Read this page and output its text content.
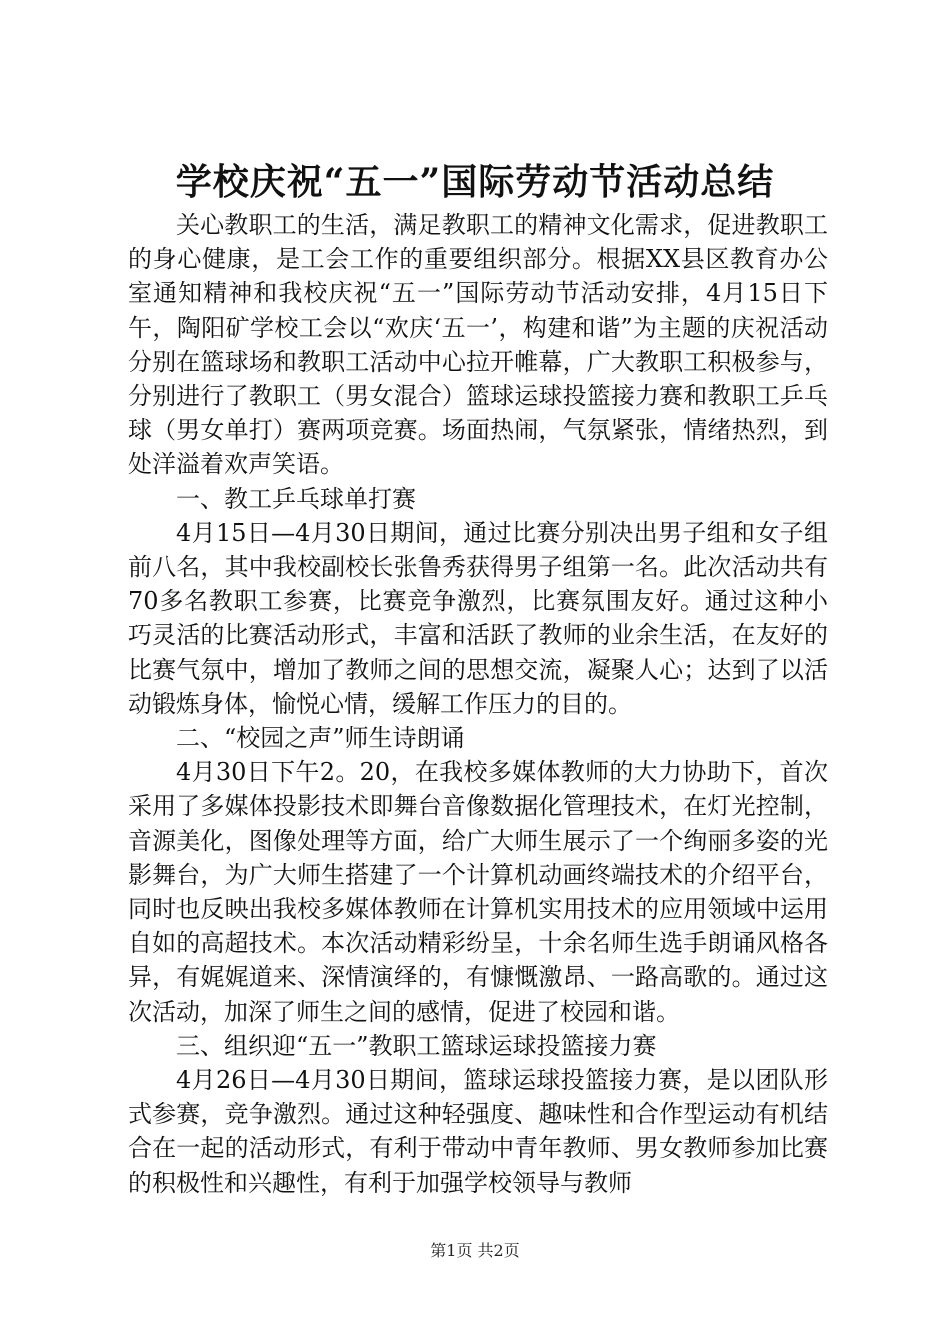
学校庆祝“五一”国际劳动节活动总结

关心教职工的生活，满足教职工的精神文化需求，促进教职工的身心健康，是工会工作的重要组织部分。根据XX县区教育办公室通知精神和我校庆祝“五一”国际劳动节活动安排，4月15日下午，陶阳矿学校工会以“欢庆‘五一’，构建和谐”为主题的庆祝活动分别在篮球场和教职工活动中心拉开帷幕，广大教职工积极参与，分别进行了教职工（男女混合）篮球运球投篮接力赛和教职工乒乓球（男女单打）赛两项竞赛。场面热闹，气氛紧张，情绪热烈，到处洋溢着欢声笑语。

一、教工乒乓球单打赛

4月15日—4月30日期间，通过比赛分别决出男子组和女子组前八名，其中我校副校长张鲁秀获得男子组第一名。此次活动共有70多名教职工参赛，比赛竞争激烈，比赛氛围友好。通过这种小巧灵活的比赛活动形式，丰富和活跃了教师的业余生活，在友好的比赛气氛中，增加了教师之间的思想交流，凝聚人心；达到了以活动锻炼身体，愉悦心情，缓解工作压力的目的。

二、“校园之声”师生诗朗诵

4月30日下午2。20，在我校多媒体教师的大力协助下，首次采用了多媒体投影技术即舞台音像数据化管理技术，在灯光控制，音源美化，图像处理等方面，给广大师生展示了一个绚丽多姿的光影舞台，为广大师生搭建了一个计算机动画终端技术的介绍平台，同时也反映出我校多媒体教师在计算机实用技术的应用领域中运用自如的高超技术。本次活动精彩纷呈，十余名师生选手朗诵风格各异，有娓娓道来、深情演绎的，有慷慨激昂、一路高歌的。通过这次活动，加深了师生之间的感情，促进了校园和谐。

三、组织迎“五一”教职工篮球运球投篮接力赛

4月26日—4月30日期间，篮球运球投篮接力赛，是以团队形式参赛，竞争激烈。通过这种轻强度、趣味性和合作型运动有机结合在一起的活动形式，有利于带动中青年教师、男女教师参加比赛的积极性和兴趣性，有利于加强学校领导与教师

第1页 共2页
